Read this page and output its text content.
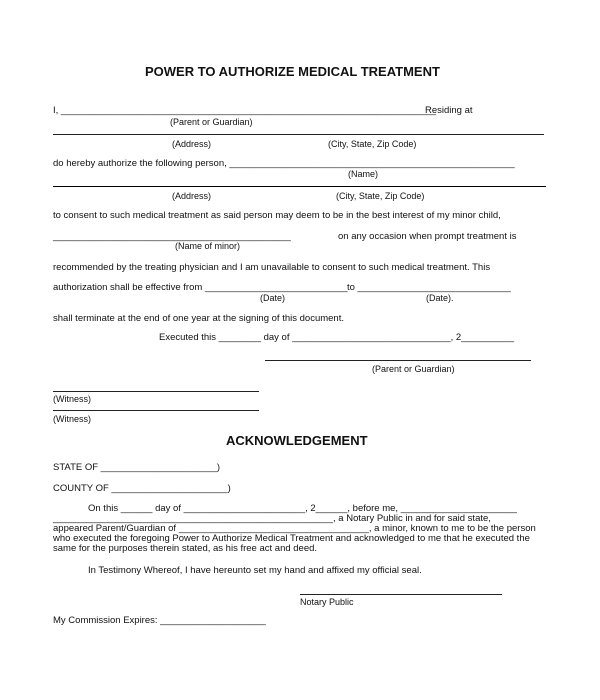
POWER TO AUTHORIZE MEDICAL TREATMENT
I, _______________________________________________________________________
Residing at
(Parent or Guardian)
(Address)	(City, State, Zip Code)
do hereby authorize the following person, ______________________________________________________
(Name)
(Address)	(City, State, Zip Code)
to consent to such medical treatment as said person may deem to be in the best interest of my minor child,
_____________________________________________	on any occasion when prompt treatment is
(Name of minor)
recommended by the treating physician and I am unavailable to consent to such medical treatment. This
authorization shall be effective from ___________________________ to _____________________________
(Date)	(Date).
shall terminate at the end of one year at the signing of this document.
Executed this ________ day of ______________________________, 2__________
(Parent or Guardian)
(Witness)
(Witness)
ACKNOWLEDGEMENT
STATE OF ______________________)
COUNTY OF ______________________)
On this ______ day of _______________________, 2______, before me, ______________________
_____________________________________________________, a Notary Public in and for said state,
appeared Parent/Guardian of ____________________________________, a minor, known to me to be the person
who executed the foregoing Power to Authorize Medical Treatment and acknowledged to me that he executed the
same for the purposes therein stated, as his free act and deed.
In Testimony Whereof, I have hereunto set my hand and affixed my official seal.
Notary Public
My Commission Expires: ____________________
